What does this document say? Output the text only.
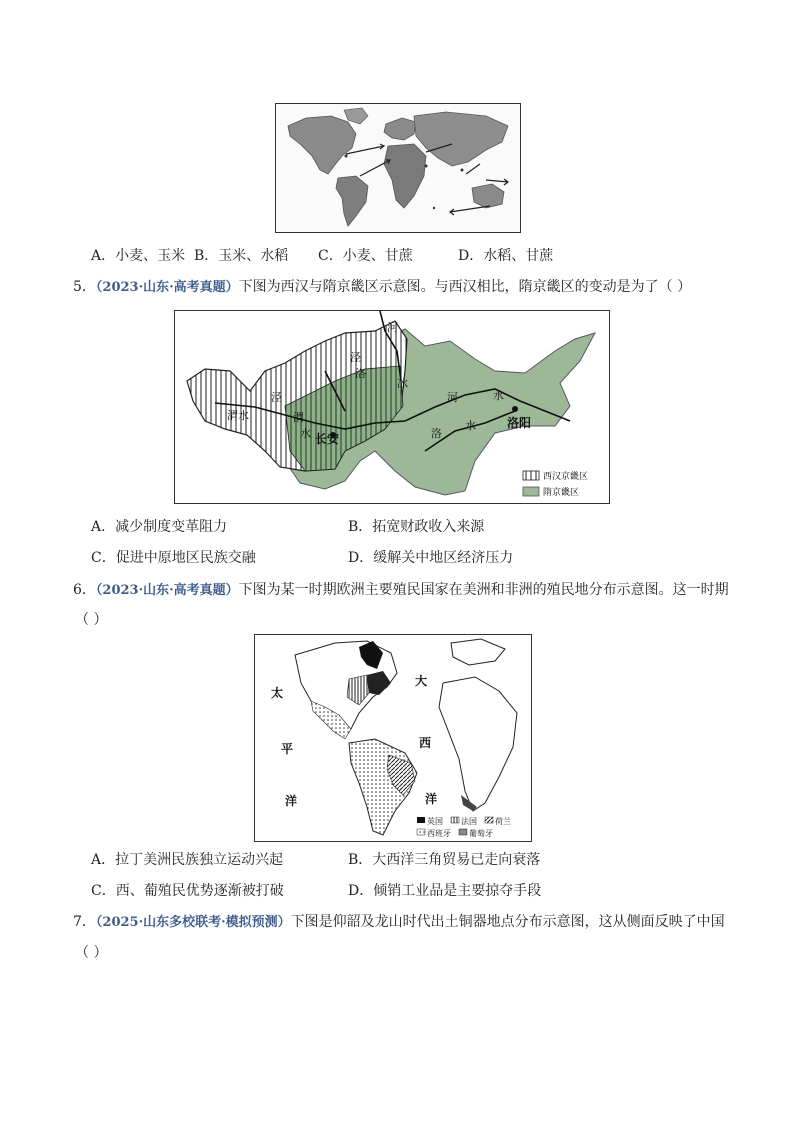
A．小麦、玉米 B．玉米、水稻 C．小麦、甘蔗	D．水稻、甘蔗
5．（2023·山东·高考真题）下图为西汉与隋京畿区示意图。与西汉相比，隋京畿区的变动是为了（ ）
河
泾
泾
洛
渭水	渭
水
冰
河	水
洛
水
长安
洛阳
西汉京畿区
隋京畿区
A．减少制度变革阻力	B．拓宽财政收入来源
C．促进中原地区民族交融	D．缓解关中地区经济压力
6．（2023·山东·高考真题）下图为某一时期欧洲主要殖民国家在美洲和非洲的殖民地分布示意图。这一时期
（ ）
太
平
洋
大
西
洋
英国 法国 荷兰
西班牙 葡萄牙
A．拉丁美洲民族独立运动兴起	B．大西洋三角贸易已走向衰落
C．西、葡殖民优势逐渐被打破	D．倾销工业品是主要掠夺手段
7．（2025·山东多校联考·模拟预测）下图是仰韶及龙山时代出土铜器地点分布示意图，这从侧面反映了中国
（ ）
